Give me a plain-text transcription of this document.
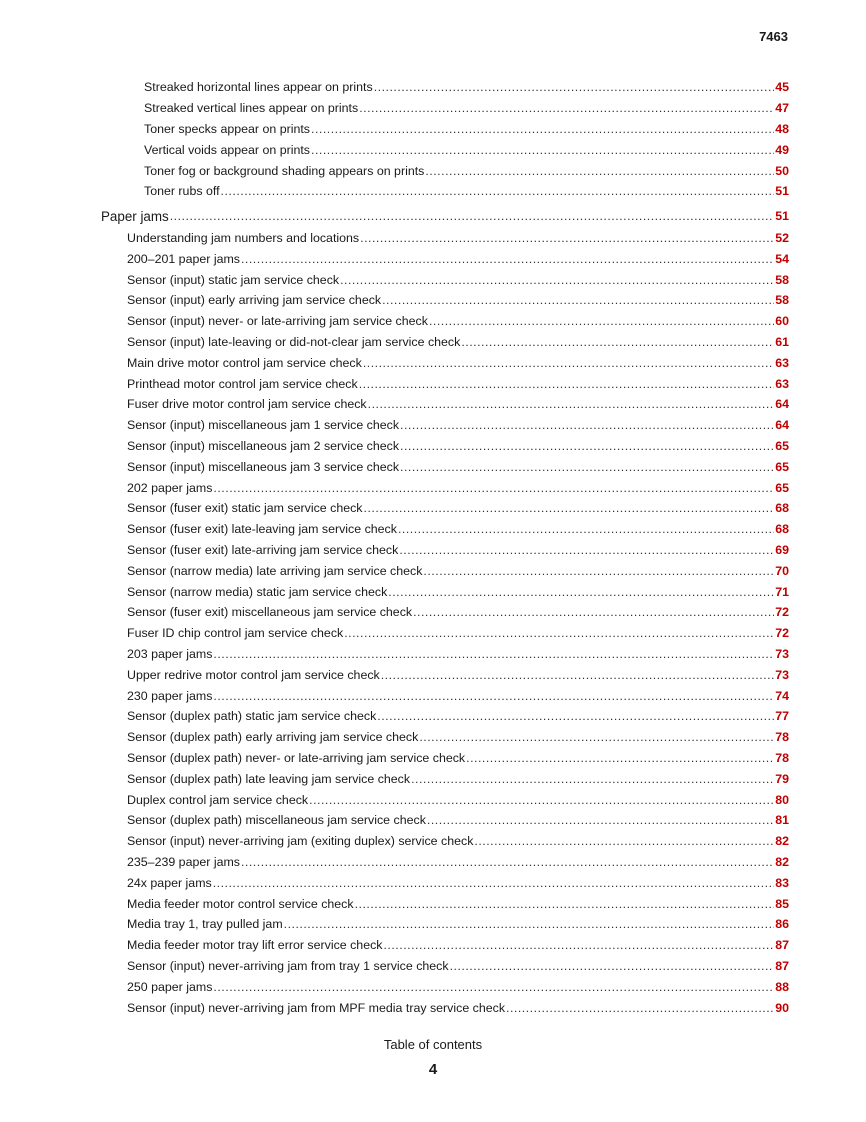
7463
Streaked horizontal lines appear on prints .....	45
Streaked vertical lines appear on prints .....	47
Toner specks appear on prints .....	48
Vertical voids appear on prints .....	49
Toner fog or background shading appears on prints .....	50
Toner rubs off .....	51
Paper jams .....	51
Understanding jam numbers and locations .....	52
200–201 paper jams .....	54
Sensor (input) static jam service check .....	58
Sensor (input) early arriving jam service check .....	58
Sensor (input) never- or late-arriving jam service check .....	60
Sensor (input) late-leaving or did-not-clear jam service check .....	61
Main drive motor control jam service check .....	63
Printhead motor control jam service check .....	63
Fuser drive motor control jam service check .....	64
Sensor (input) miscellaneous jam 1 service check .....	64
Sensor (input) miscellaneous jam 2 service check .....	65
Sensor (input) miscellaneous jam 3 service check .....	65
202 paper jams .....	65
Sensor (fuser exit) static jam service check .....	68
Sensor (fuser exit) late-leaving jam service check .....	68
Sensor (fuser exit) late-arriving jam service check .....	69
Sensor (narrow media) late arriving jam service check .....	70
Sensor (narrow media) static jam service check .....	71
Sensor (fuser exit) miscellaneous jam service check .....	72
Fuser ID chip control jam service check .....	72
203 paper jams .....	73
Upper redrive motor control jam service check .....	73
230 paper jams .....	74
Sensor (duplex path) static jam service check .....	77
Sensor (duplex path) early arriving jam service check .....	78
Sensor (duplex path) never- or late-arriving jam service check .....	78
Sensor (duplex path) late leaving jam service check .....	79
Duplex control jam service check .....	80
Sensor (duplex path) miscellaneous jam service check .....	81
Sensor (input) never-arriving jam (exiting duplex) service check .....	82
235–239 paper jams .....	82
24x paper jams .....	83
Media feeder motor control service check .....	85
Media tray 1, tray pulled jam .....	86
Media feeder motor tray lift error service check .....	87
Sensor (input) never-arriving jam from tray 1 service check .....	87
250 paper jams .....	88
Sensor (input) never-arriving jam from MPF media tray service check .....	90
Table of contents
4
